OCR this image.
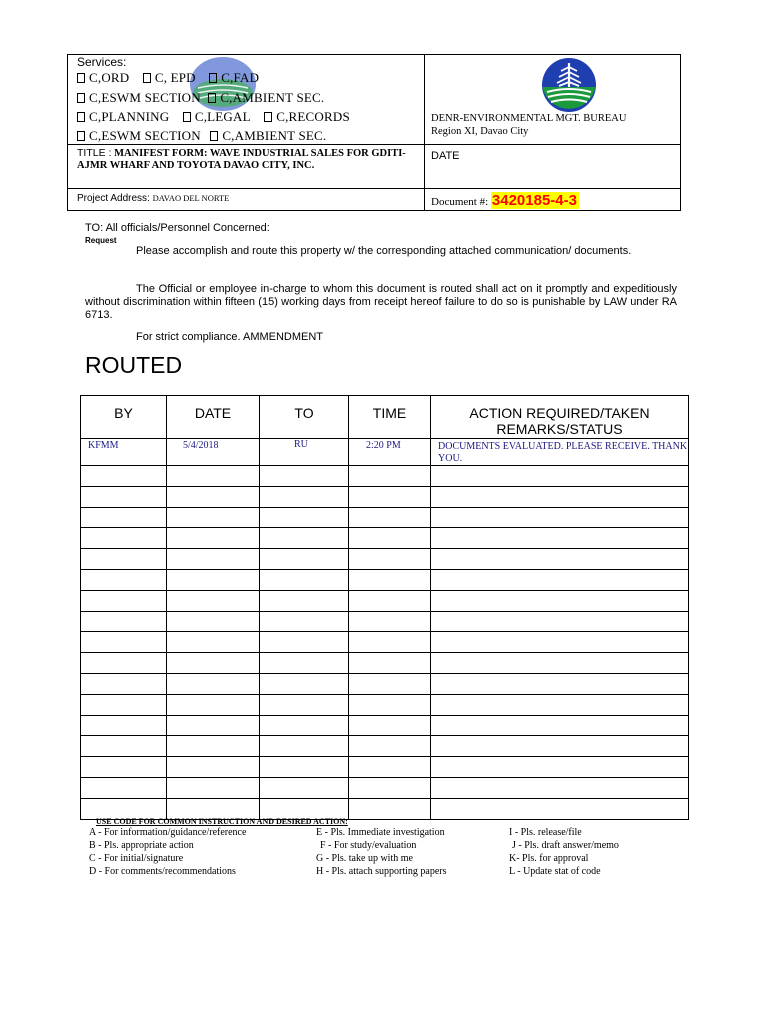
Services:
C,ORD C, EPD C,FAD
C,ESWM SECTION C,AMBIENT SEC.
C,PLANNING C,LEGAL C,RECORDS
C,ESWM SECTION C,AMBIENT SEC.
DENR-ENVIRONMENTAL MGT. BUREAU
Region XI, Davao City
TITLE : MANIFEST FORM: WAVE INDUSTRIAL SALES FOR GDITI-AJMR WHARF AND TOYOTA DAVAO CITY, INC.
DATE
Project Address: DAVAO DEL NORTE	Document #: 3420185-4-3
TO: All officials/Personnel Concerned:
Request
Please accomplish and route this property w/ the corresponding attached communication/ documents.
The Official or employee in-charge to whom this document is routed shall act on it promptly and expeditiously without discrimination within fifteen (15) working days from receipt hereof failure to do so is punishable by LAW under RA 6713.
For strict compliance. AMMENDMENT
ROUTED
BY	DATE	TO	TIME	ACTION REQUIRED/TAKEN REMARKS/STATUS
KFMM	5/4/2018	RU	2:20 PM	DOCUMENTS EVALUATED. PLEASE RECEIVE. THANK YOU.

USE CODE FOR COMMON INSTRUCTION AND DESIRED ACTION:
A - For information/guidance/reference
B - Pls. appropriate action
C - For initial/signature
D - For comments/recommendations
E - Pls. Immediate investigation
F - For study/evaluation
G - Pls. take up with me
H - Pls. attach supporting papers
I - Pls. release/file
J - Pls. draft answer/memo
K- Pls. for approval
L - Update stat of code
